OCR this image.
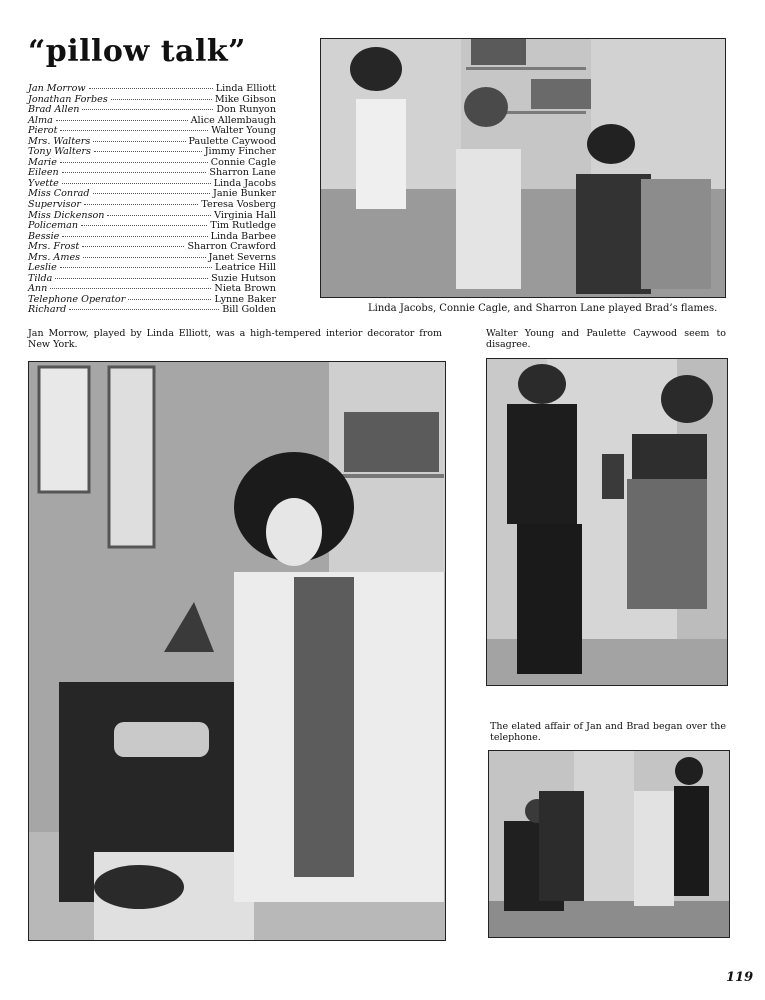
“pillow talk”
Jan Morrow	Linda Elliott
Jonathan Forbes	Mike Gibson
Brad Allen	Don Runyon
Alma	Alice Allembaugh
Pierot	Walter Young
Mrs. Walters	Paulette Caywood
Tony Walters	Jimmy Fincher
Marie	Connie Cagle
Eileen	Sharron Lane
Yvette	Linda Jacobs
Miss Conrad	Janie Bunker
Supervisor	Teresa Vosberg
Miss Dickenson	Virginia Hall
Policeman	Tim Rutledge
Bessie	Linda Barbee
Mrs. Frost	Sharron Crawford
Mrs. Ames	Janet Severns
Leslie	Leatrice Hill
Tilda	Suzie Hutson
Ann	Nieta Brown
Telephone Operator	Lynne Baker
Richard	Bill Golden	Linda Jacobs, Connie Cagle, and Sharron Lane played Brad’s flames.
Jan Morrow, played by Linda Elliott, was a high-tempered interior decorator from New York.
Walter Young and Paulette Caywood seem to disagree.
The elated affair of Jan and Brad began over the telephone.
119
